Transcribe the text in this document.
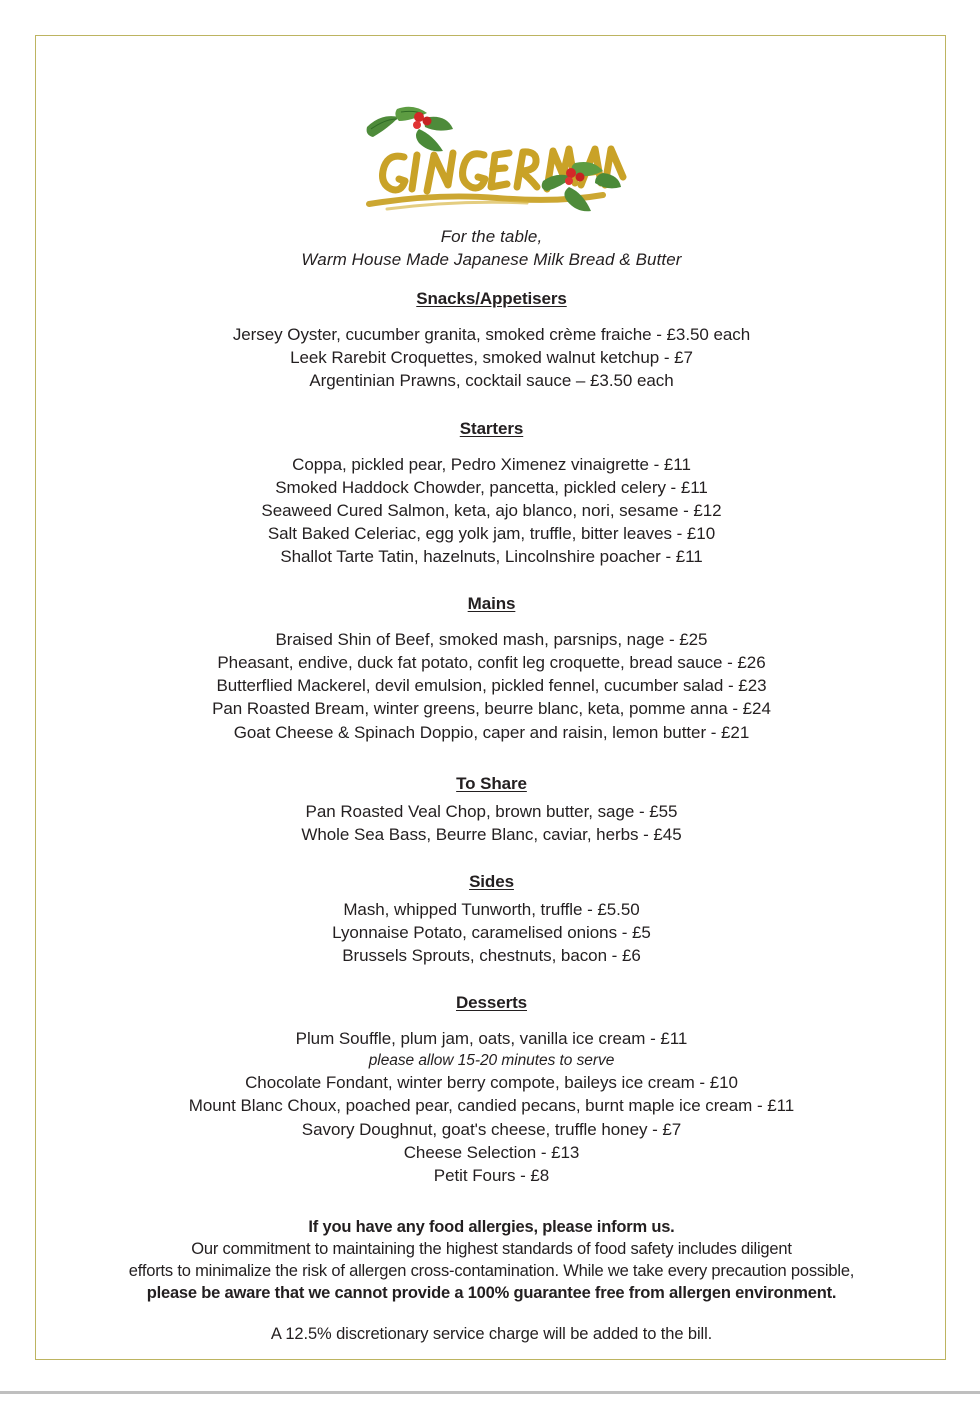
For the table,
Warm House Made Japanese Milk Bread & Butter
Snacks/Appetisers
Jersey Oyster, cucumber granita, smoked crème fraiche - £3.50 each
Leek Rarebit Croquettes, smoked walnut ketchup - £7
Argentinian Prawns, cocktail sauce – £3.50 each
Starters
Coppa, pickled pear, Pedro Ximenez vinaigrette - £11
Smoked Haddock Chowder, pancetta, pickled celery - £11
Seaweed Cured Salmon, keta, ajo blanco, nori, sesame - £12
Salt Baked Celeriac, egg yolk jam, truffle, bitter leaves - £10
Shallot Tarte Tatin, hazelnuts, Lincolnshire poacher - £11
Mains
Braised Shin of Beef, smoked mash, parsnips, nage - £25
Pheasant, endive, duck fat potato, confit leg croquette, bread sauce - £26
Butterflied Mackerel, devil emulsion, pickled fennel, cucumber salad - £23
Pan Roasted Bream, winter greens, beurre blanc, keta, pomme anna - £24
Goat Cheese & Spinach Doppio, caper and raisin, lemon butter - £21
To Share
Pan Roasted Veal Chop, brown butter, sage - £55
Whole Sea Bass, Beurre Blanc, caviar, herbs - £45
Sides
Mash, whipped Tunworth, truffle - £5.50
Lyonnaise Potato, caramelised onions - £5
Brussels Sprouts, chestnuts, bacon - £6
Desserts
Plum Souffle, plum jam, oats, vanilla ice cream - £11
please allow 15-20 minutes to serve
Chocolate Fondant, winter berry compote, baileys ice cream - £10
Mount Blanc Choux, poached pear, candied pecans, burnt maple ice cream - £11
Savory Doughnut, goat's cheese, truffle honey - £7
Cheese Selection - £13
Petit Fours - £8
If you have any food allergies, please inform us.
Our commitment to maintaining the highest standards of food safety includes diligent
efforts to minimalize the risk of allergen cross-contamination. While we take every precaution possible,
please be aware that we cannot provide a 100% guarantee free from allergen environment.
A 12.5% discretionary service charge will be added to the bill.
